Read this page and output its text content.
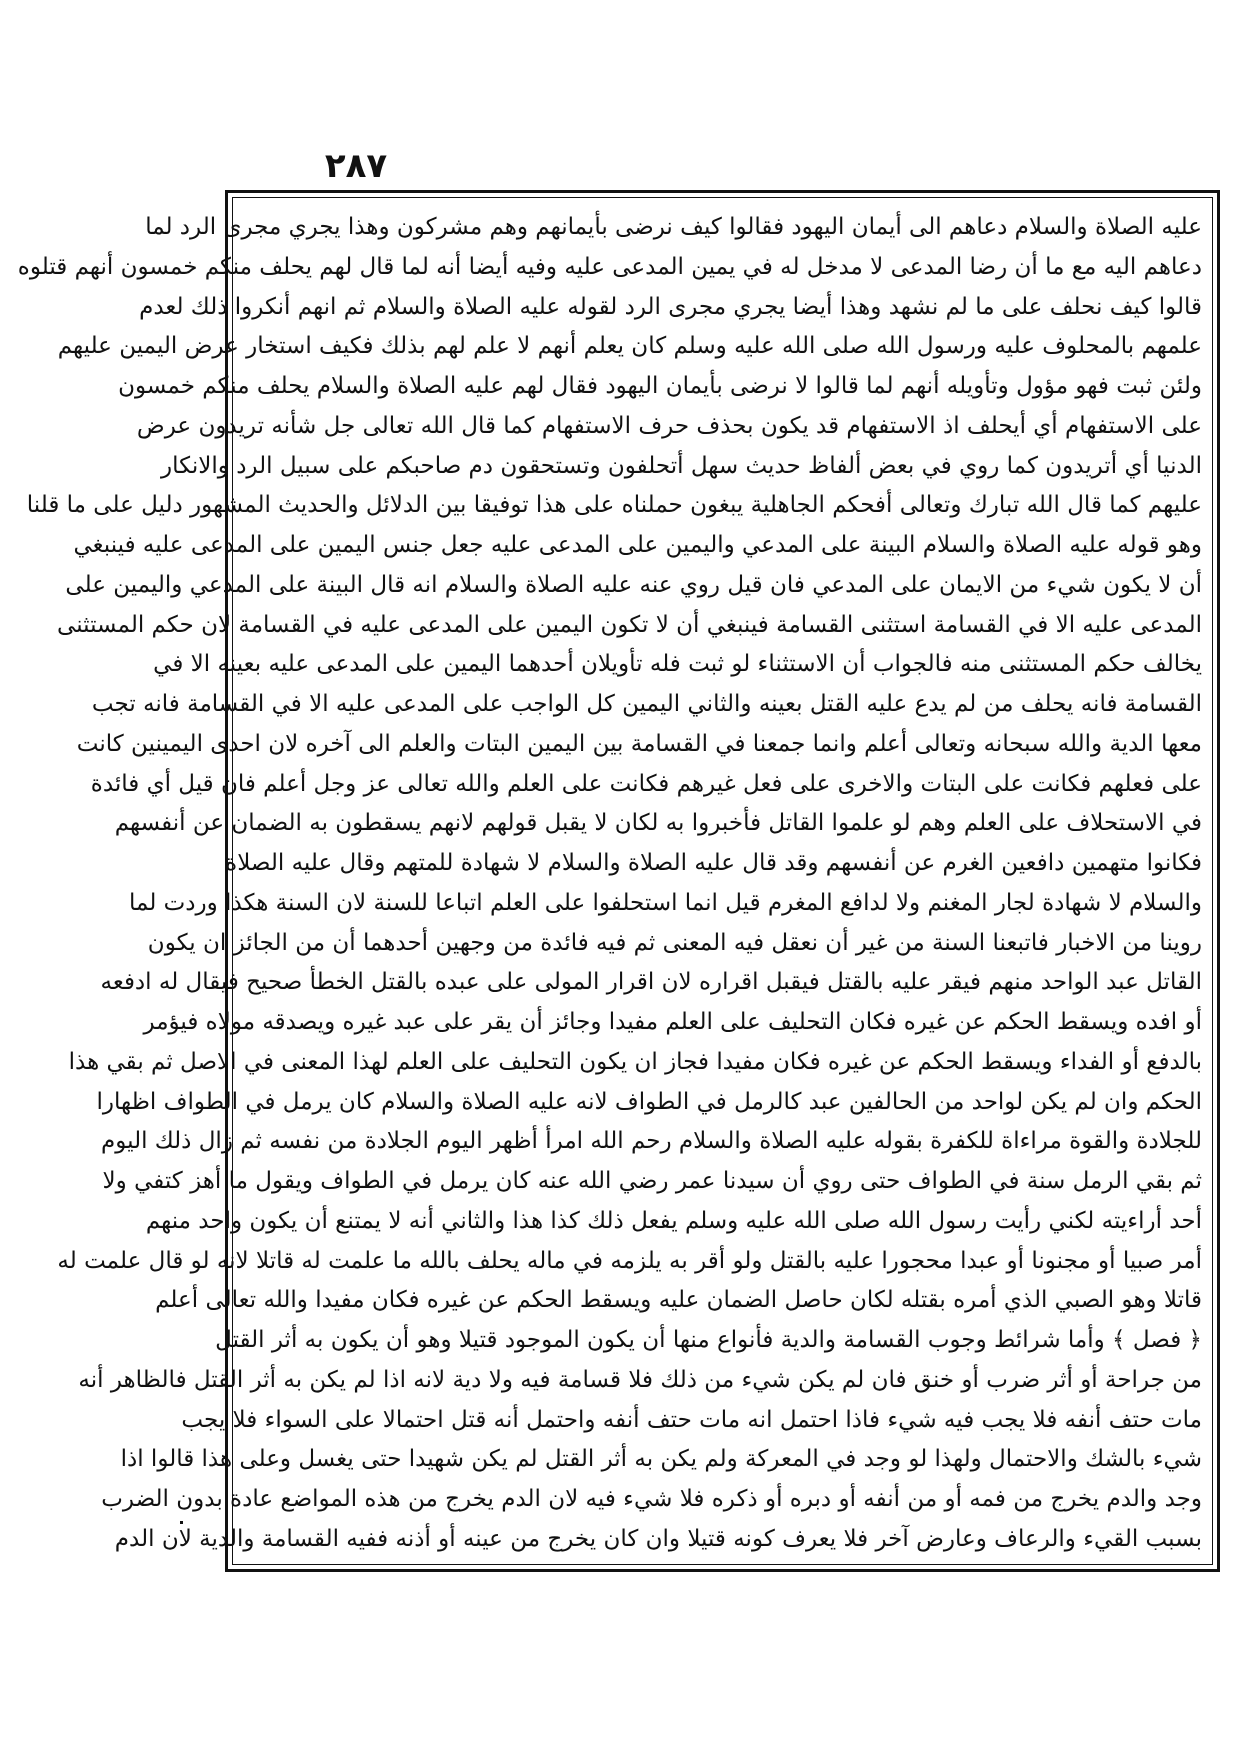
٢٨٧
عليه الصلاة والسلام دعاهم الى أيمان اليهود فقالوا كيف نرضى بأيمانهم وهم مشركون وهذا يجري مجرى الرد لما
دعاهم اليه مع ما أن رضا المدعى لا مدخل له في يمين المدعى عليه وفيه أيضا أنه لما قال لهم يحلف منكم خمسون أنهم قتلوه
قالوا كيف نحلف على ما لم نشهد وهذا أيضا يجري مجرى الرد لقوله عليه الصلاة والسلام ثم انهم أنكروا ذلك لعدم
علمهم بالمحلوف عليه ورسول الله صلى الله عليه وسلم كان يعلم أنهم لا علم لهم بذلك فكيف استخار عرض اليمين عليهم
ولئن ثبت فهو مؤول وتأويله أنهم لما قالوا لا نرضى بأيمان اليهود فقال لهم عليه الصلاة والسلام يحلف منكم خمسون
على الاستفهام أي أيحلف اذ الاستفهام قد يكون بحذف حرف الاستفهام كما قال الله تعالى جل شأنه تريدون عرض
الدنيا أي أتريدون كما روي في بعض ألفاظ حديث سهل أتحلفون وتستحقون دم صاحبكم على سبيل الرد والانكار
عليهم كما قال الله تبارك وتعالى أفحكم الجاهلية يبغون حملناه على هذا توفيقا بين الدلائل والحديث المشهور دليل على ما قلنا
وهو قوله عليه الصلاة والسلام البينة على المدعي واليمين على المدعى عليه جعل جنس اليمين على المدعى عليه فينبغي
أن لا يكون شيء من الايمان على المدعي فان قيل روي عنه عليه الصلاة والسلام انه قال البينة على المدعي واليمين على
المدعى عليه الا في القسامة استثنى القسامة فينبغي أن لا تكون اليمين على المدعى عليه في القسامة لان حكم المستثنى
يخالف حكم المستثنى منه فالجواب أن الاستثناء لو ثبت فله تأويلان أحدهما اليمين على المدعى عليه بعينه الا في
القسامة فانه يحلف من لم يدع عليه القتل بعينه والثاني اليمين كل الواجب على المدعى عليه الا في القسامة فانه تجب
معها الدية والله سبحانه وتعالى أعلم وانما جمعنا في القسامة بين اليمين البتات والعلم الى آخره لان احدى اليمينين كانت
على فعلهم فكانت على البتات والاخرى على فعل غيرهم فكانت على العلم والله تعالى عز وجل أعلم فان قيل أي فائدة
في الاستحلاف على العلم وهم لو علموا القاتل فأخبروا به لكان لا يقبل قولهم لانهم يسقطون به الضمان عن أنفسهم
فكانوا متهمين دافعين الغرم عن أنفسهم وقد قال عليه الصلاة والسلام لا شهادة للمتهم وقال عليه الصلاة
والسلام لا شهادة لجار المغنم ولا لدافع المغرم قيل انما استحلفوا على العلم اتباعا للسنة لان السنة هكذا وردت لما
روينا من الاخبار فاتبعنا السنة من غير أن نعقل فيه المعنى ثم فيه فائدة من وجهين أحدهما أن من الجائز ان يكون
القاتل عبد الواحد منهم فيقر عليه بالقتل فيقبل اقراره لان اقرار المولى على عبده بالقتل الخطأ صحيح فيقال له ادفعه
أو افده ويسقط الحكم عن غيره فكان التحليف على العلم مفيدا وجائز أن يقر على عبد غيره ويصدقه مولاه فيؤمر
بالدفع أو الفداء ويسقط الحكم عن غيره فكان مفيدا فجاز ان يكون التحليف على العلم لهذا المعنى في الاصل ثم بقي هذا
الحكم وان لم يكن لواحد من الحالفين عبد كالرمل في الطواف لانه عليه الصلاة والسلام كان يرمل في الطواف اظهارا
للجلادة والقوة مراءاة للكفرة بقوله عليه الصلاة والسلام رحم الله امرأ أظهر اليوم الجلادة من نفسه ثم زال ذلك اليوم
ثم بقي الرمل سنة في الطواف حتى روي أن سيدنا عمر رضي الله عنه كان يرمل في الطواف ويقول ما أهز كتفي ولا
أحد أراءيته لكني رأيت رسول الله صلى الله عليه وسلم يفعل ذلك كذا هذا والثاني أنه لا يمتنع أن يكون واحد منهم
أمر صبيا أو مجنونا أو عبدا محجورا عليه بالقتل ولو أقر به يلزمه في ماله يحلف بالله ما علمت له قاتلا لانه لو قال علمت له
قاتلا وهو الصبي الذي أمره بقتله لكان حاصل الضمان عليه ويسقط الحكم عن غيره فكان مفيدا والله تعالى أعلم
﴿ فصل ﴾ وأما شرائط وجوب القسامة والدية فأنواع منها أن يكون الموجود قتيلا وهو أن يكون به أثر القتل
من جراحة أو أثر ضرب أو خنق فان لم يكن شيء من ذلك فلا قسامة فيه ولا دية لانه اذا لم يكن به أثر القتل فالظاهر أنه
مات حتف أنفه فلا يجب فيه شيء فاذا احتمل انه مات حتف أنفه واحتمل أنه قتل احتمالا على السواء فلا يجب
شيء بالشك والاحتمال ولهذا لو وجد في المعركة ولم يكن به أثر القتل لم يكن شهيدا حتى يغسل وعلى هذا قالوا اذا
وجد والدم يخرج من فمه أو من أنفه أو دبره أو ذكره فلا شيء فيه لان الدم يخرج من هذه المواضع عادة بدون الضرب
بسبب القيء والرعاف وعارض آخر فلا يعرف كونه قتيلا وان كان يخرج من عينه أو أذنه ففيه القسامة والدية لان الدم
